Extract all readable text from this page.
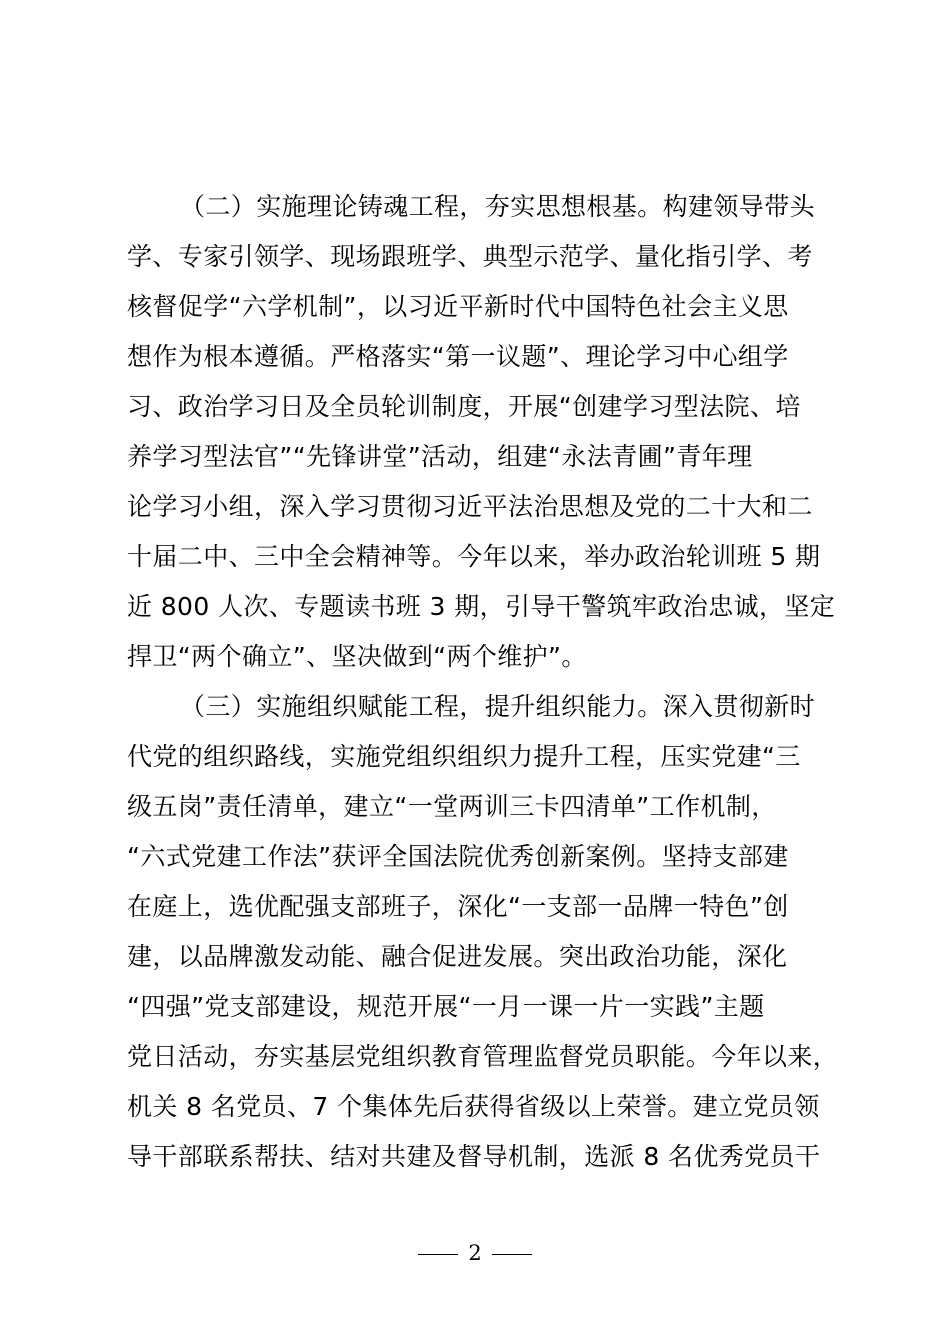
（二）实施理论铸魂工程，夯实思想根基。构建领导带头
学、专家引领学、现场跟班学、典型示范学、量化指引学、考
核督促学“六学机制”，以习近平新时代中国特色社会主义思
想作为根本遵循。严格落实“第一议题”、理论学习中心组学
习、政治学习日及全员轮训制度，开展“创建学习型法院、培
养学习型法官”“先锋讲堂”活动，组建“永法青圃”青年理
论学习小组，深入学习贯彻习近平法治思想及党的二十大和二
十届二中、三中全会精神等。今年以来，举办政治轮训班 5 期
近 800 人次、专题读书班 3 期，引导干警筑牢政治忠诚，坚定
捍卫“两个确立”、坚决做到“两个维护”。
（三）实施组织赋能工程，提升组织能力。深入贯彻新时
代党的组织路线，实施党组织组织力提升工程，压实党建“三
级五岗”责任清单，建立“一堂两训三卡四清单”工作机制，
“六式党建工作法”获评全国法院优秀创新案例。坚持支部建
在庭上，选优配强支部班子，深化“一支部一品牌一特色”创
建，以品牌激发动能、融合促进发展。突出政治功能，深化
“四强”党支部建设，规范开展“一月一课一片一实践”主题
党日活动，夯实基层党组织教育管理监督党员职能。今年以来，
机关 8 名党员、7 个集体先后获得省级以上荣誉。建立党员领
导干部联系帮扶、结对共建及督导机制，选派 8 名优秀党员干
2
